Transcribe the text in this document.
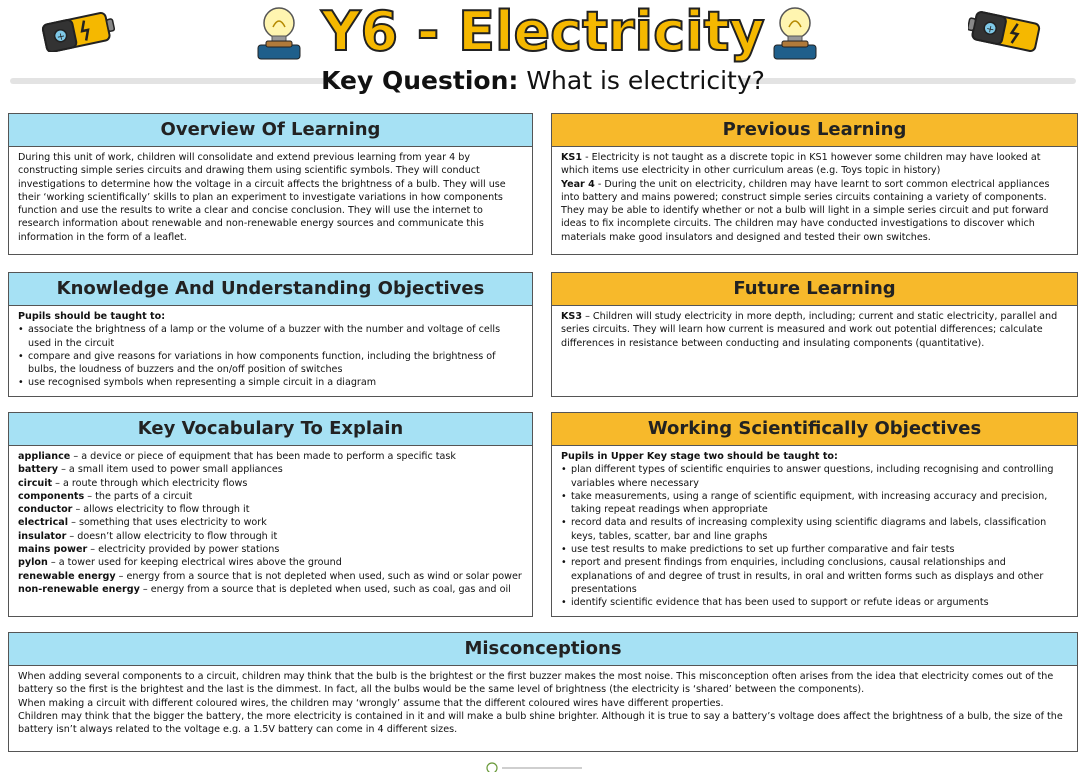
+
+
Y6 - Electricity
Key Question: What is electricity?
Overview Of Learning

During this unit of work, children will consolidate and extend previous learning from year 4 by constructing simple series circuits and drawing them using scientific symbols. They will conduct investigations to determine how the voltage in a circuit affects the brightness of a bulb. They will use their ‘working scientifically’ skills to plan an experiment to investigate variations in how components function and use the results to write a clear and concise conclusion. They will use the internet to research information about renewable and non-renewable energy sources and communicate this information in the form of a leaflet.

Previous Learning

KS1 - Electricity is not taught as a discrete topic in KS1 however some children may have looked at which items use electricity in other curriculum areas (e.g. Toys topic in history)

Year 4 - During the unit on electricity, children may have learnt to sort common electrical appliances into battery and mains powered; construct simple series circuits containing a variety of components. They may be able to identify whether or not a bulb will light in a simple series circuit and put forward ideas to fix incomplete circuits. The children may have conducted investigations to discover which materials make good insulators and designed and tested their own switches.

Knowledge And Understanding Objectives

Pupils should be taught to:

• associate the brightness of a lamp or the volume of a buzzer with the number and voltage of cells used in the circuit
• compare and give reasons for variations in how components function, including the brightness of bulbs, the loudness of buzzers and the on/off position of switches
• use recognised symbols when representing a simple circuit in a diagram
Future Learning

KS3 – Children will study electricity in more depth, including; current and static electricity, parallel and series circuits. They will learn how current is measured and work out potential differences; calculate differences in resistance between conducting and insulating components (quantitative).

Key Vocabulary To Explain

appliance – a device or piece of equipment that has been made to perform a specific task

battery – a small item used to power small appliances

circuit – a route through which electricity flows

components – the parts of a circuit

conductor – allows electricity to flow through it

electrical – something that uses electricity to work

insulator – doesn’t allow electricity to flow through it

mains power – electricity provided by power stations

pylon – a tower used for keeping electrical wires above the ground

renewable energy – energy from a source that is not depleted when used, such as wind or solar power

non-renewable energy – energy from a source that is depleted when used, such as coal, gas and oil

Working Scientifically Objectives

Pupils in Upper Key stage two should be taught to:

• plan different types of scientific enquiries to answer questions, including recognising and controlling variables where necessary
• take measurements, using a range of scientific equipment, with increasing accuracy and precision, taking repeat readings when appropriate
• record data and results of increasing complexity using scientific diagrams and labels, classification keys, tables, scatter, bar and line graphs
• use test results to make predictions to set up further comparative and fair tests
• report and present findings from enquiries, including conclusions, causal relationships and explanations of and degree of trust in results, in oral and written forms such as displays and other presentations
• identify scientific evidence that has been used to support or refute ideas or arguments
Misconceptions

When adding several components to a circuit, children may think that the bulb is the brightest or the first buzzer makes the most noise. This misconception often arises from the idea that electricity comes out of the battery so the first is the brightest and the last is the dimmest. In fact, all the bulbs would be the same level of brightness (the electricity is ‘shared’ between the components).

When making a circuit with different coloured wires, the children may ‘wrongly’ assume that the different coloured wires have different properties.

Children may think that the bigger the battery, the more electricity is contained in it and will make a bulb shine brighter. Although it is true to say a battery’s voltage does affect the brightness of a bulb, the size of the battery isn’t always related to the voltage e.g. a 1.5V battery can come in 4 different sizes.
